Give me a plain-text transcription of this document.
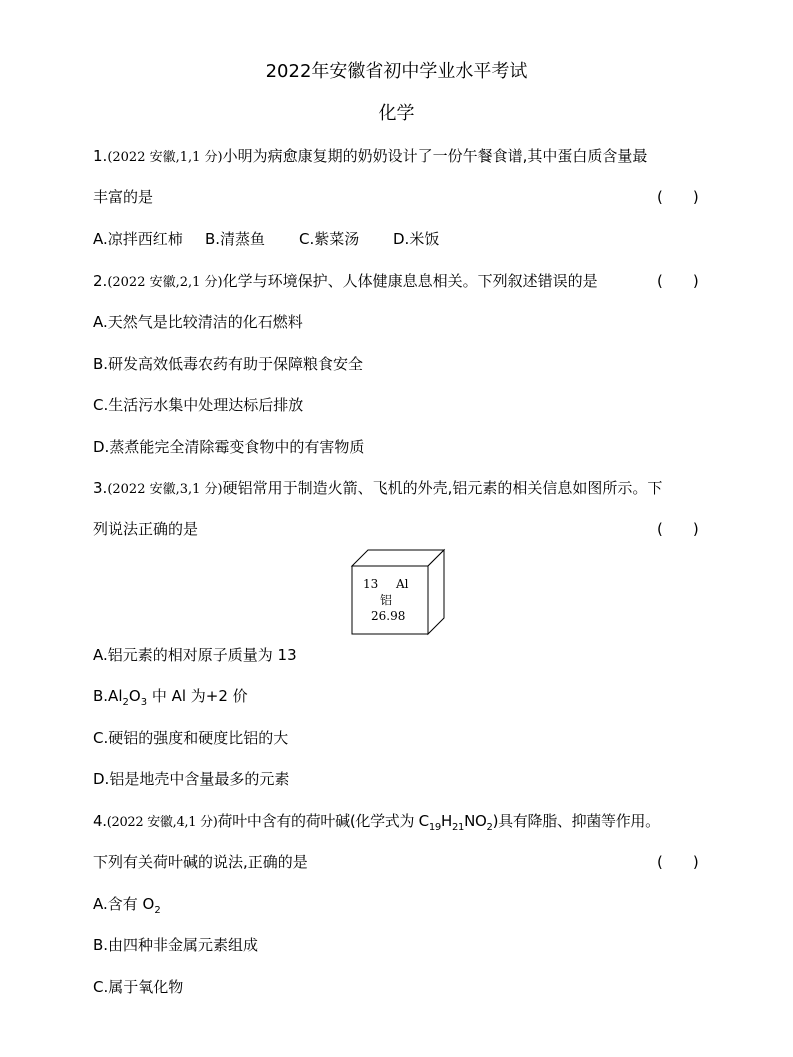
2022年安徽省初中学业水平考试
化学
1.(2022 安徽,1,1 分)小明为病愈康复期的奶奶设计了一份午餐食谱,其中蛋白质含量最
丰富的是	(　　)
A.凉拌西红柿 B.清蒸鱼 C.紫菜汤 D.米饭
2.(2022 安徽,2,1 分)化学与环境保护、人体健康息息相关。下列叙述错误的是	(　　)
A.天然气是比较清洁的化石燃料
B.研发高效低毒农药有助于保障粮食安全
C.生活污水集中处理达标后排放
D.蒸煮能完全清除霉变食物中的有害物质
3.(2022 安徽,3,1 分)硬铝常用于制造火箭、飞机的外壳,铝元素的相关信息如图所示。下
列说法正确的是	(　　)
13 Al
铝
26.98
A.铝元素的相对原子质量为 13
$B.Al_2O_3$ 中 Al 为+2 价
C.硬铝的强度和硬度比铝的大
D.铝是地壳中含量最多的元素
4.(2022 安徽,4,1 分)荷叶中含有的荷叶碱(化学式为 $C_{19}H_{21}NO_2$)具有降脂、抑菌等作用。
下列有关荷叶碱的说法,正确的是	(　　)
A.含有 $O_2$
B.由四种非金属元素组成
C.属于氧化物
